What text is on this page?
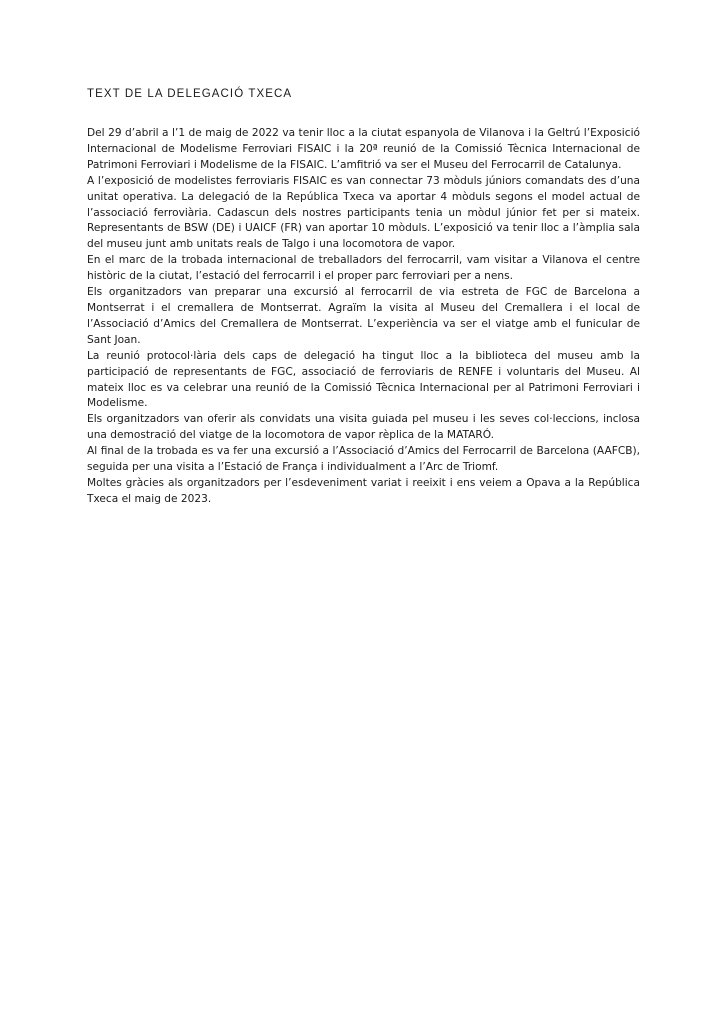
TEXT DE LA DELEGACIÓ TXECA

Del 29 d’abril a l’1 de maig de 2022 va tenir lloc a la ciutat espanyola de Vilanova i la Geltrú l’Exposició Internacional de Modelisme Ferroviari FISAIC i la 20ª reunió de la Comissió Tècnica Internacional de Patrimoni Ferroviari i Modelisme de la FISAIC. L’amfitrió va ser el Museu del Ferrocarril de Catalunya.

A l’exposició de modelistes ferroviaris FISAIC es van connectar 73 mòduls júniors comandats des d’una unitat operativa. La delegació de la República Txeca va aportar 4 mòduls segons el model actual de l’associació ferroviària. Cadascun dels nostres participants tenia un mòdul júnior fet per si mateix. Representants de BSW (DE) i UAICF (FR) van aportar 10 mòduls. L’exposició va tenir lloc a l’àmplia sala del museu junt amb unitats reals de Talgo i una locomotora de vapor.

En el marc de la trobada internacional de treballadors del ferrocarril, vam visitar a Vilanova el centre històric de la ciutat, l’estació del ferrocarril i el proper parc ferroviari per a nens.

Els organitzadors van preparar una excursió al ferrocarril de via estreta de FGC de Barcelona a Montserrat i el cremallera de Montserrat. Agraïm la visita al Museu del Cremallera i el local de l’Associació d’Amics del Cremallera de Montserrat. L’experiència va ser el viatge amb el funicular de Sant Joan.

La reunió protocol·lària dels caps de delegació ha tingut lloc a la biblioteca del museu amb la participació de representants de FGC, associació de ferroviaris de RENFE i voluntaris del Museu. Al mateix lloc es va celebrar una reunió de la Comissió Tècnica Internacional per al Patrimoni Ferroviari i Modelisme.

Els organitzadors van oferir als convidats una visita guiada pel museu i les seves col·leccions, inclosa una demostració del viatge de la locomotora de vapor rèplica de la MATARÓ.

Al final de la trobada es va fer una excursió a l’Associació d’Amics del Ferrocarril de Barcelona (AAFCB), seguida per una visita a l’Estació de França i individualment a l’Arc de Triomf.

Moltes gràcies als organitzadors per l’esdeveniment variat i reeixit i ens veiem a Opava a la República Txeca el maig de 2023.
